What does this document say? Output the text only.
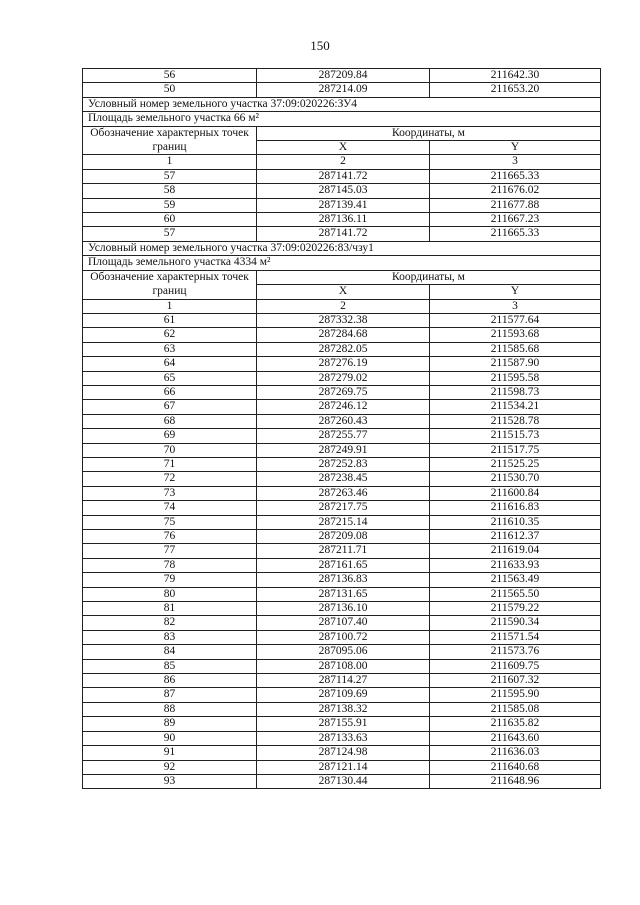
150
56	287209.84	211642.30
50	287214.09	211653.20
Условный номер земельного участка 37:09:020226:ЗУ4		
Площадь земельного участка 66 м²		
Обозначение характерных точек границ	Координаты, м	
	X	Y
1	2	3
57	287141.72	211665.33
58	287145.03	211676.02
59	287139.41	211677.88
60	287136.11	211667.23
57	287141.72	211665.33
Условный номер земельного участка 37:09:020226:83/чзу1		
Площадь земельного участка 4334 м²		
Обозначение характерных точек границ	Координаты, м	
	X	Y
1	2	3
61	287332.38	211577.64
62	287284.68	211593.68
63	287282.05	211585.68
64	287276.19	211587.90
65	287279.02	211595.58
66	287269.75	211598.73
67	287246.12	211534.21
68	287260.43	211528.78
69	287255.77	211515.73
70	287249.91	211517.75
71	287252.83	211525.25
72	287238.45	211530.70
73	287263.46	211600.84
74	287217.75	211616.83
75	287215.14	211610.35
76	287209.08	211612.37
77	287211.71	211619.04
78	287161.65	211633.93
79	287136.83	211563.49
80	287131.65	211565.50
81	287136.10	211579.22
82	287107.40	211590.34
83	287100.72	211571.54
84	287095.06	211573.76
85	287108.00	211609.75
86	287114.27	211607.32
87	287109.69	211595.90
88	287138.32	211585.08
89	287155.91	211635.82
90	287133.63	211643.60
91	287124.98	211636.03
92	287121.14	211640.68
93	287130.44	211648.96
